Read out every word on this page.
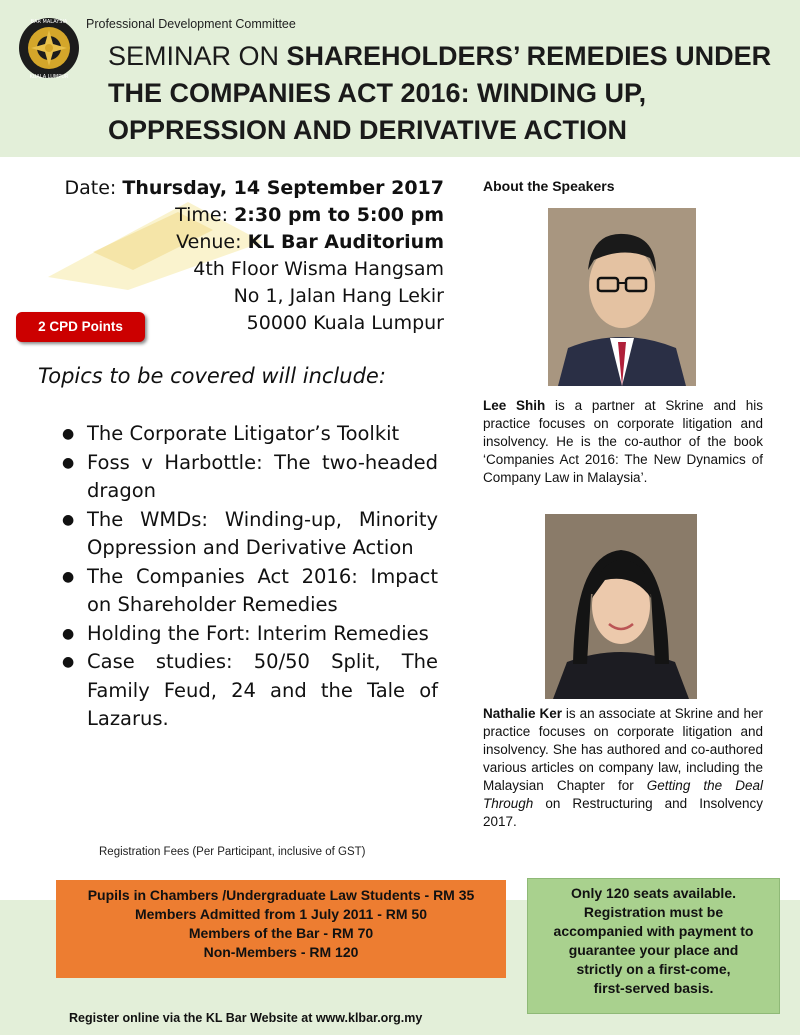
BAR MALAYSIA
KUALA LUMPUR
Professional Development Committee
SEMINAR ON SHAREHOLDERS’ REMEDIES UNDER THE COMPANIES ACT 2016: WINDING UP, OPPRESSION AND DERIVATIVE ACTION
Date: Thursday, 14 September 2017
Time: 2:30 pm to 5:00 pm
Venue: KL Bar Auditorium
4th Floor Wisma Hangsam
No 1, Jalan Hang Lekir
50000 Kuala Lumpur
2 CPD Points
Topics to be covered will include:
● The Corporate Litigator’s Toolkit
● Foss v Harbottle: The two-headed dragon
● The WMDs: Winding-up, Minority Oppression and Derivative Action
● The Companies Act 2016: Impact on Shareholder Remedies
● Holding the Fort: Interim Remedies
● Case studies: 50/50 Split, The Family Feud, 24 and the Tale of Lazarus.
Registration Fees (Per Participant, inclusive of GST)
About the Speakers
Lee Shih is a partner at Skrine and his practice focuses on corporate litigation and insolvency. He is the co-author of the book ‘Companies Act 2016: The New Dynamics of Company Law in Malaysia’.
Nathalie Ker is an associate at Skrine and her practice focuses on corporate litigation and insolvency. She has authored and co-authored various articles on company law, including the Malaysian Chapter for Getting the Deal Through on Restructuring and Insolvency 2017.
Pupils in Chambers /Undergraduate Law Students - RM 35
Members Admitted from 1 July 2011 - RM 50
Members of the Bar - RM 70
Non-Members - RM 120
Only 120 seats available.
Registration must be
accompanied with payment to
guarantee your place and
strictly on a first-come,
first-served basis.
Register online via the KL Bar Website at www.klbar.org.my
